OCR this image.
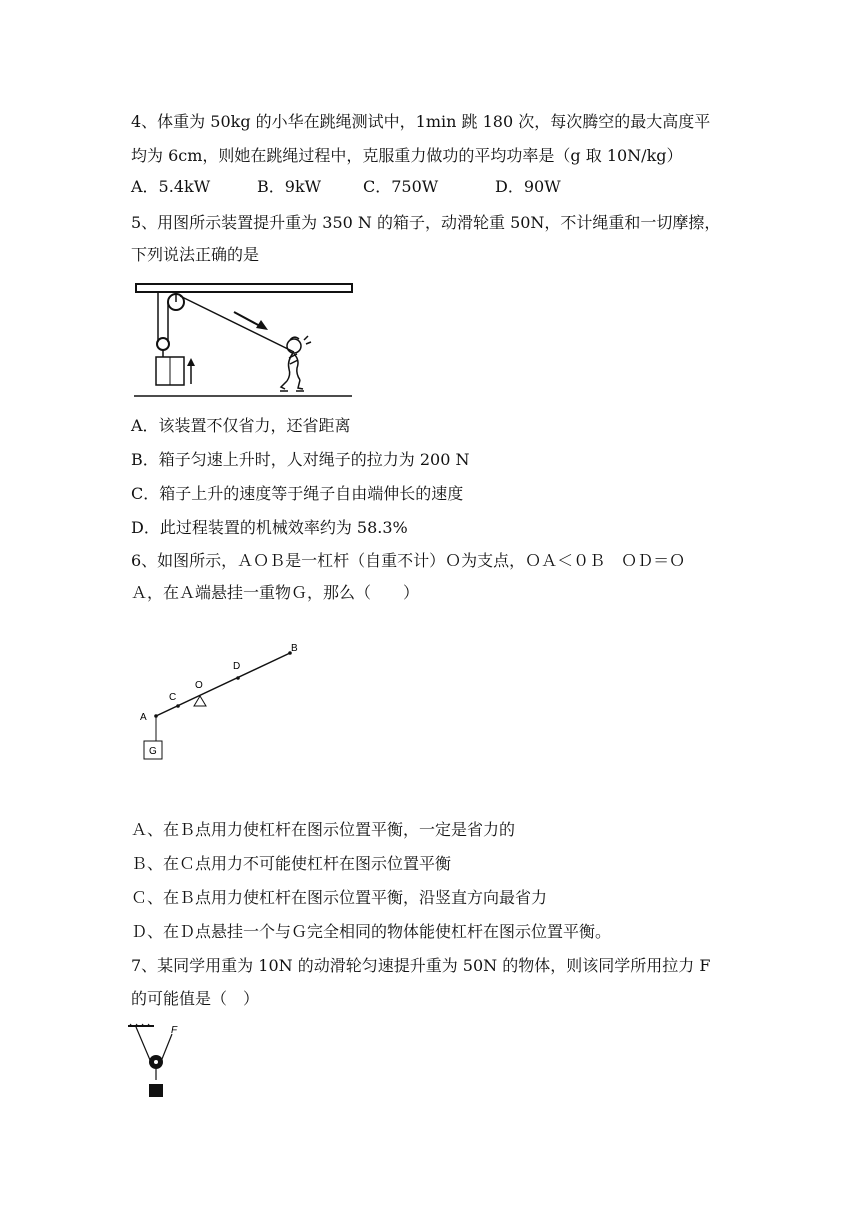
4、体重为 50kg 的小华在跳绳测试中，1min 跳 180 次，每次腾空的最大高度平
均为 6cm，则她在跳绳过程中，克服重力做功的平均功率是（g 取 10N/kg）
A．5.4kW	B．9kW	C．750W	D．90W
5、用图所示装置提升重为 350 N 的箱子，动滑轮重 50N，不计绳重和一切摩擦，
下列说法正确的是
A．该装置不仅省力，还省距离
B．箱子匀速上升时，人对绳子的拉力为 200 N
C．箱子上升的速度等于绳子自由端伸长的速度
D．此过程装置的机械效率约为 58.3%
6、如图所示，ＡＯＢ是一杠杆（自重不计）Ｏ为支点，ＯＡ＜０Ｂ　ＯＤ＝Ｏ
Ａ，在Ａ端悬挂一重物Ｇ，那么（　　）
A
C
O
D
B
G
Ａ、在Ｂ点用力使杠杆在图示位置平衡，一定是省力的
Ｂ、在Ｃ点用力不可能使杠杆在图示位置平衡
Ｃ、在Ｂ点用力使杠杆在图示位置平衡，沿竖直方向最省力
Ｄ、在Ｄ点悬挂一个与Ｇ完全相同的物体能使杠杆在图示位置平衡。
7、某同学用重为 10N 的动滑轮匀速提升重为 50N 的物体，则该同学所用拉力 F
的可能值是（　）
F
